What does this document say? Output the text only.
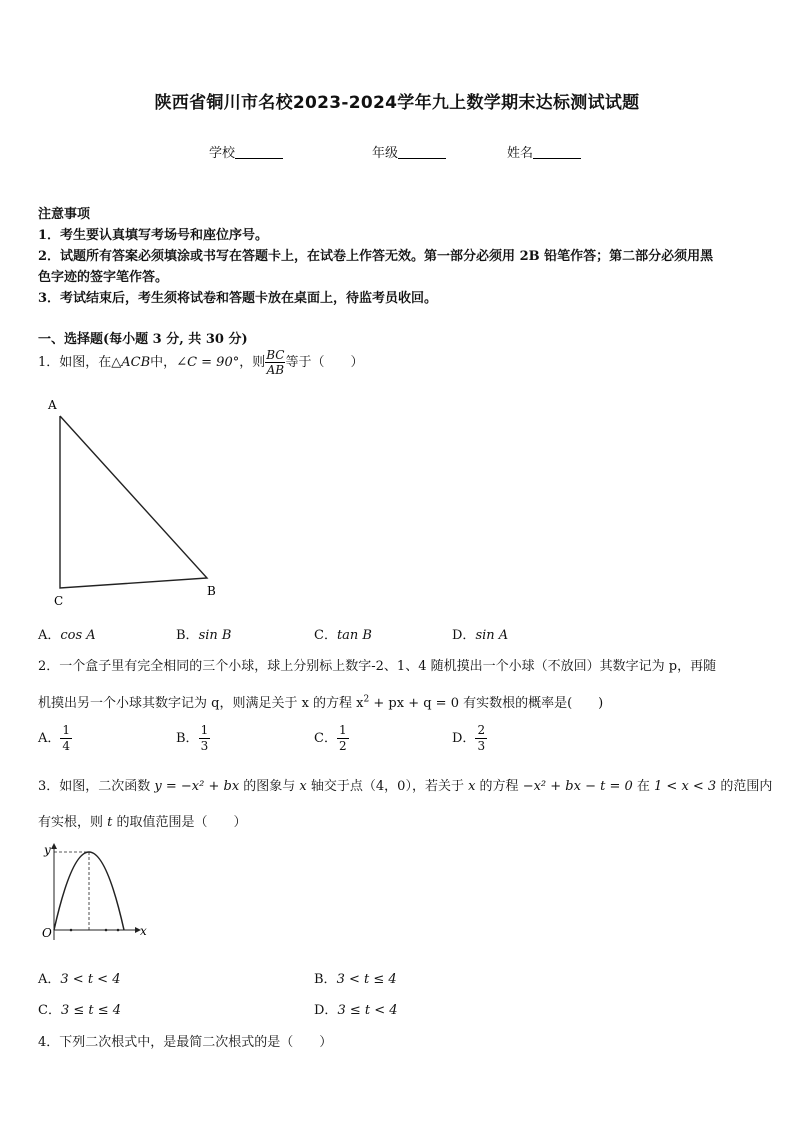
陕西省铜川市名校2023-2024学年九上数学期末达标测试试题
学校	年级	姓名
注意事项
1．考生要认真填写考场号和座位序号。
2．试题所有答案必须填涂或书写在答题卡上，在试卷上作答无效。第一部分必须用 2B 铅笔作答；第二部分必须用黑
色字迹的签字笔作答。
3．考试结束后，考生须将试卷和答题卡放在桌面上，待监考员收回。
一、选择题(每小题 3 分, 共 30 分)
1．如图，在△ACB中，∠C = 90°，则 $\frac{BC}{AB}$ 等于（　　）
A
B
C
A．cos A	B．sin B	C．tan B	D．sin A
2．一个盒子里有完全相同的三个小球，球上分别标上数字-2、1、4 随机摸出一个小球（不放回）其数字记为 p，再随
机摸出另一个小球其数字记为 q，则满足关于 x 的方程 $x^2$ + px + q = 0 有实数根的概率是(　　)
A． $\frac{1}{4}$	B． $\frac{1}{3}$	C． $\frac{1}{2}$	D． $\frac{2}{3}$
3．如图，二次函数 y = −x² + bx 的图象与 x 轴交于点（4，0），若关于 x 的方程 −x² + bx − t = 0 在 1 < x < 3 的范围内
有实根，则 t 的取值范围是（　　）
y
x
O
A．3 < t < 4	B．3 < t ≤ 4
C．3 ≤ t ≤ 4	D．3 ≤ t < 4
4．下列二次根式中，是最简二次根式的是（　　）
